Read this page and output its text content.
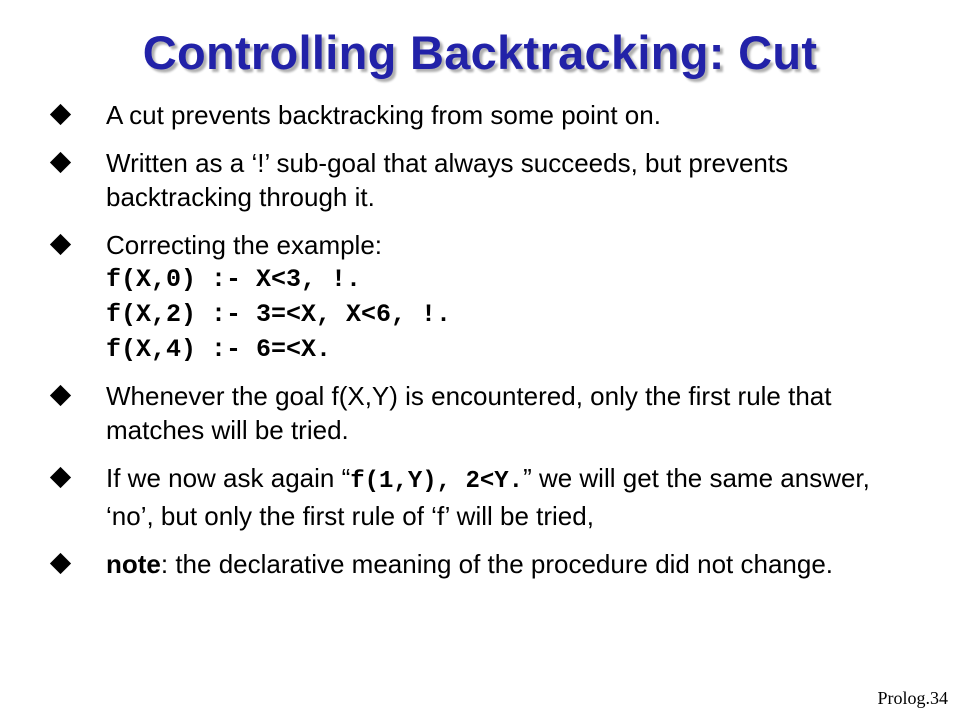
Controlling Backtracking: Cut
A cut prevents backtracking from some point on.
Written as a ‘!’ sub-goal that always succeeds, but prevents backtracking through it.
Correcting the example:
f(X,0) :- X<3, !.
f(X,2) :- 3=<X, X<6, !.
f(X,4) :- 6=<X.
Whenever the goal f(X,Y) is encountered, only the first rule that matches will be tried.
If we now ask again “f(1,Y), 2<Y.” we will get the same answer, ‘no’, but only the first rule of ‘f’ will be tried,
note: the declarative meaning of the procedure did not change.
Prolog.34
